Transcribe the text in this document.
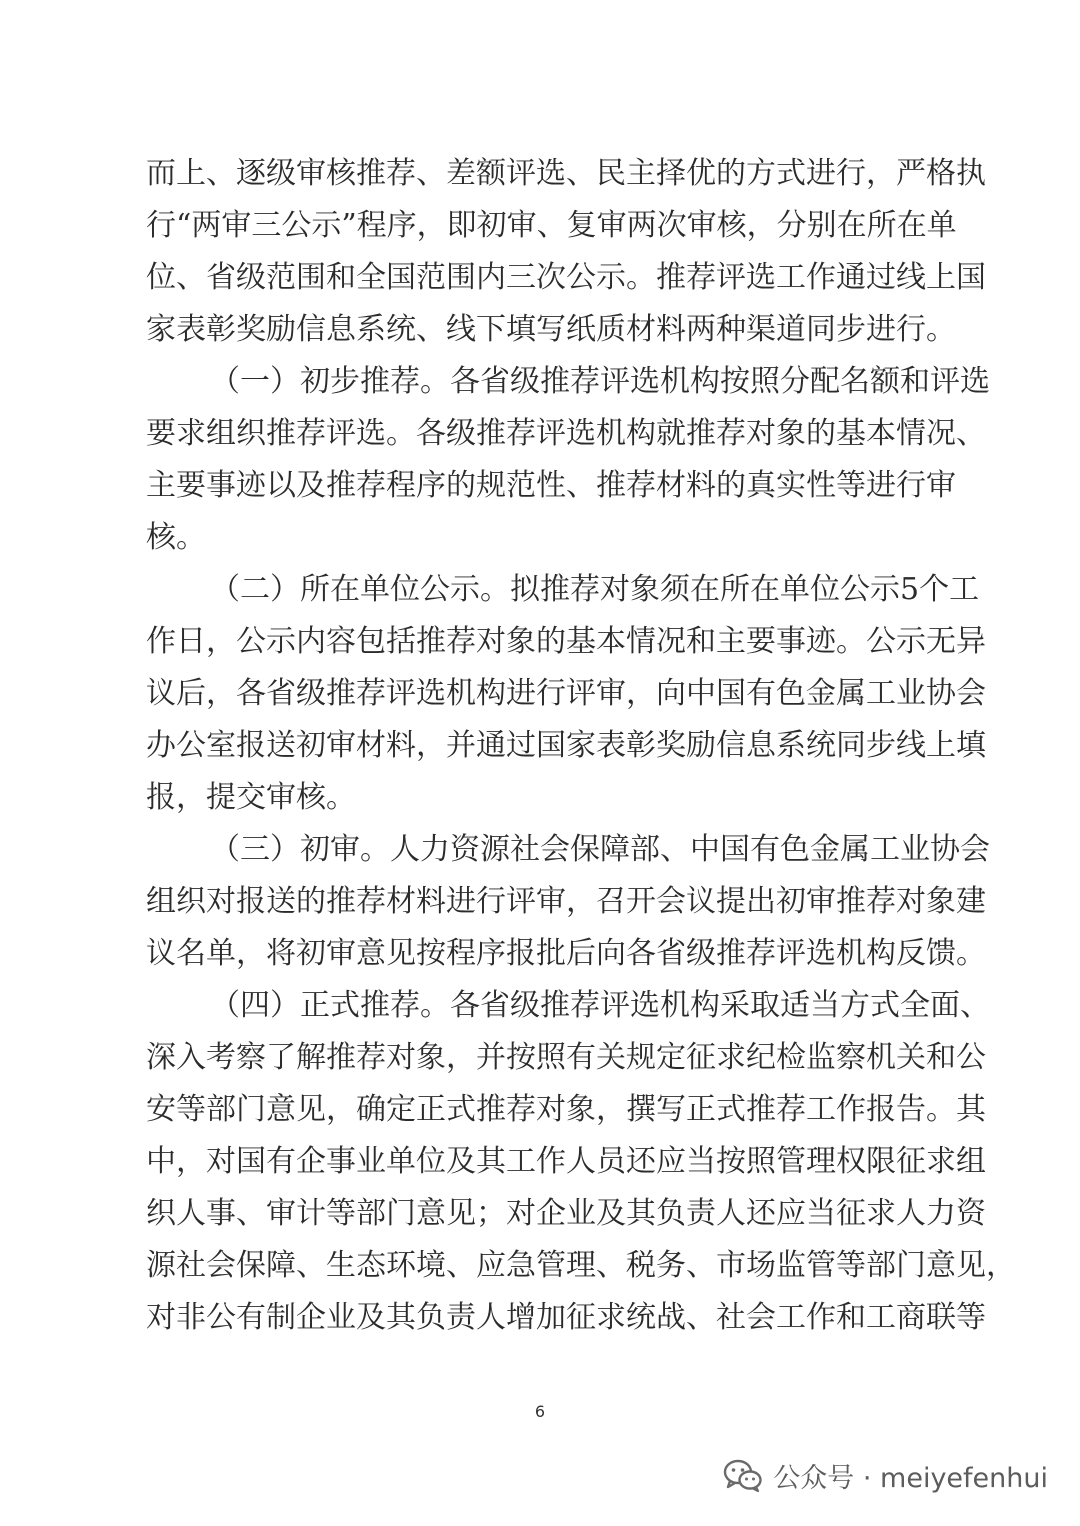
而上、逐级审核推荐、差额评选、民主择优的方式进行，严格执
行“两审三公示”程序，即初审、复审两次审核，分别在所在单
位、省级范围和全国范围内三次公示。推荐评选工作通过线上国
家表彰奖励信息系统、线下填写纸质材料两种渠道同步进行。
（一）初步推荐。各省级推荐评选机构按照分配名额和评选
要求组织推荐评选。各级推荐评选机构就推荐对象的基本情况、
主要事迹以及推荐程序的规范性、推荐材料的真实性等进行审
核。
（二）所在单位公示。拟推荐对象须在所在单位公示5个工
作日，公示内容包括推荐对象的基本情况和主要事迹。公示无异
议后，各省级推荐评选机构进行评审，向中国有色金属工业协会
办公室报送初审材料，并通过国家表彰奖励信息系统同步线上填
报，提交审核。
（三）初审。人力资源社会保障部、中国有色金属工业协会
组织对报送的推荐材料进行评审，召开会议提出初审推荐对象建
议名单，将初审意见按程序报批后向各省级推荐评选机构反馈。
（四）正式推荐。各省级推荐评选机构采取适当方式全面、
深入考察了解推荐对象，并按照有关规定征求纪检监察机关和公
安等部门意见，确定正式推荐对象，撰写正式推荐工作报告。其
中，对国有企事业单位及其工作人员还应当按照管理权限征求组
织人事、审计等部门意见；对企业及其负责人还应当征求人力资
源社会保障、生态环境、应急管理、税务、市场监管等部门意见，
对非公有制企业及其负责人增加征求统战、社会工作和工商联等
6
公众号 · meiyefenhui
